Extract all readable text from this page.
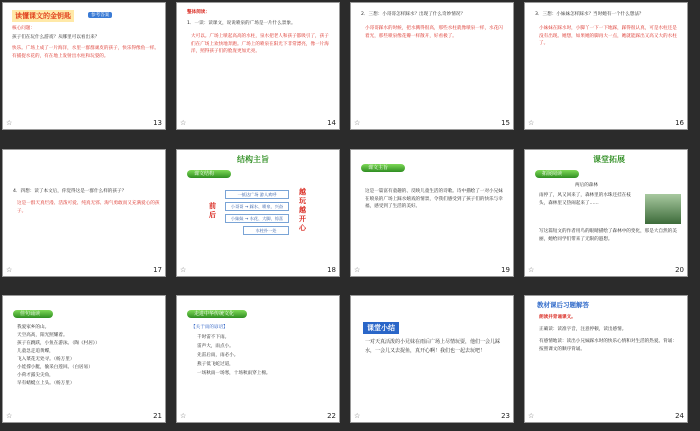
读懂课文的金钥匙	参考答案
核心问题：
孩子们在玩什么游戏？从哪里可以看出来？
快乐。广场上成了一片海洋，水里一群群顽皮的孩子，快乐得像鱼一样。有捕捉水花的，有在地上发射出水柱和玩耍的。
☆	13
整体阅读：
1．一读：读课文，说说喷泉的广场是一片什么景象。
大可以。广场上喷起高高的水柱，泉水把老人和孩子都吸引了，孩子们在广场上欢快地奔跑。广场上的喷泉在阳光下非常漂亮，像一片海洋，照得孩子们的脸庞更加光亮。
☆	14
2．三想：小哥哥怎样踩水？出现了什么奇妙情况？
小哥哥踩水的时候，把水溅得很高，那些水柱就像喷泉一样，水花闪着光，那些喷泉像花瓣一样散开，好看极了。
☆	15
3．三想：小妹妹怎样踩水？当时她有一个什么想法？
小妹妹在踩水时，小脚丫一下一下地踩，踩得很认真，可是水柱还是没有出现。她想，如果她的脚再大一点，她就能踩出又高又大的水柱了。
☆	16
4．四想：读了本文后，你觉得这是一群什么样的孩子？
这是一群天真烂漫、活泼可爱、纯真无邪、淘气勇敢而又充满爱心的孩子。
☆	17
结构主旨
课文结构
前后
一抵达广场 游人欢呼
小哥哥 → 踩水、喷泉、兴奋
小妹妹 → 水花、大脚、惊喜
水柱扑一处
越玩越开心
☆	18
课文主旨
这是一篇富有童趣的、反映儿童生活的诗歌。诗中描绘了一对小兄妹在喷泉的广场上踩水嬉戏的情景，令我们感受到了孩子们的快乐与幸福，感受到了生活的美好。
☆	19
课堂拓展
拓展阅读
两后的森林
雨停了，风又回来了，森林里的水珠还挂在枝头，森林里又热闹起来了……
写这篇短文的作者用鸟的眼睛描绘了森林中的变化，那是大自然的美丽，她给同学们带来了无限的遐想。
☆	20
佳句诵读
我爱家乡的山。
天空高高，阳光照耀着。
孩子在跳跃，小鱼在游泳。（陶《村居》）
儿童急走追黄蝶，
飞入菜花无处寻。（杨万里）
小娃撑小艇，偷采白莲回。（白居易）
小荷才露尖尖角，
早有蜻蜓立上头。（杨万里）
☆	21
走进中华传统文化
【关于雨的谚语】
千时雷不下雨。
雷声大，雨点小。
先雷后雨，雨必小。
燕子低飞蛇过道，
一场秋雨一场寒，十场秋雨穿上棉。
☆	22
课堂小结
一对天真活泼的小兄妹在雨后广场上尽情玩耍，他们一会儿踩水，一会儿又去捉鱼，真开心啊！我们也一起去玩吧！
☆	23
教材课后习题解答
朗读并背诵课文。
正确读：读准字音，注意停顿，读出感情。
有感情地读：读出小兄妹踩水时的快乐心情和对生活的热爱。背诵：按照课文的顺序背诵。
☆	24
